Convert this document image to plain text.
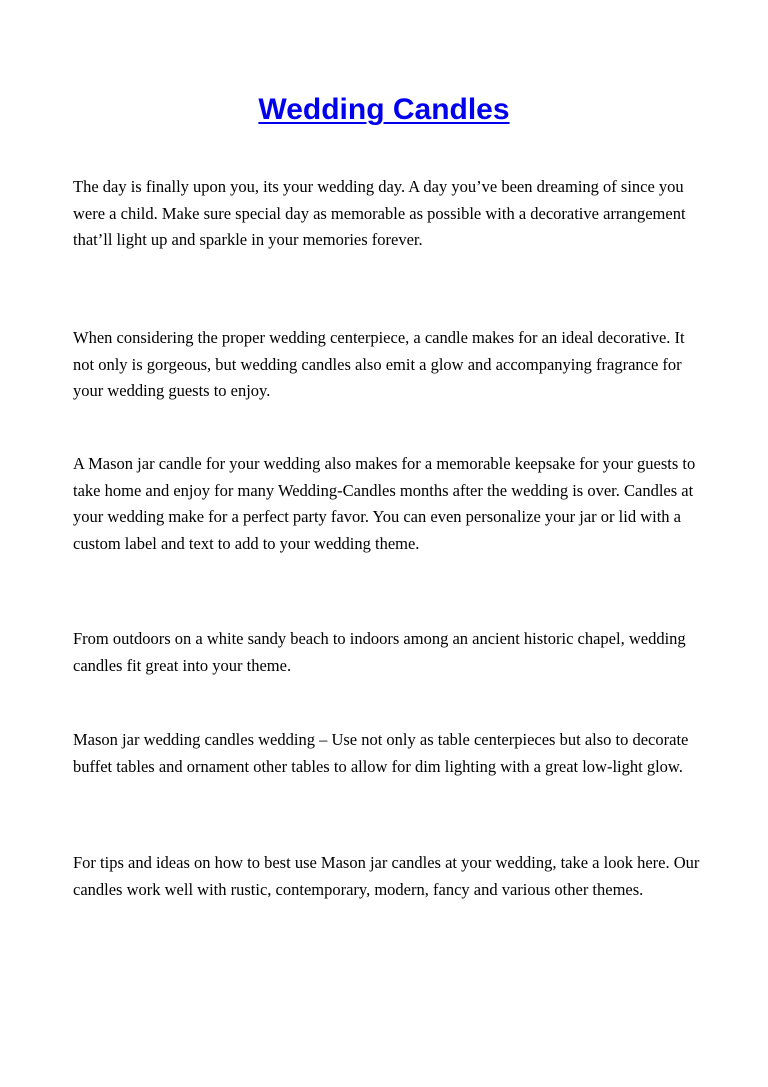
Wedding Candles

The day is finally upon you, its your wedding day. A day you’ve been dreaming of since you were a child. Make sure special day as memorable as possible with a decorative arrangement that’ll light up and sparkle in your memories forever.

When considering the proper wedding centerpiece, a candle makes for an ideal decorative. It not only is gorgeous, but wedding candles also emit a glow and accompanying fragrance for your wedding guests to enjoy.

A Mason jar candle for your wedding also makes for a memorable keepsake for your guests to take home and enjoy for many Wedding-Candles months after the wedding is over. Candles at your wedding make for a perfect party favor. You can even personalize your jar or lid with a custom label and text to add to your wedding theme.

From outdoors on a white sandy beach to indoors among an ancient historic chapel, wedding candles fit great into your theme.

Mason jar wedding candles wedding – Use not only as table centerpieces but also to decorate buffet tables and ornament other tables to allow for dim lighting with a great low-light glow.

For tips and ideas on how to best use Mason jar candles at your wedding, take a look here. Our candles work well with rustic, contemporary, modern, fancy and various other themes.
